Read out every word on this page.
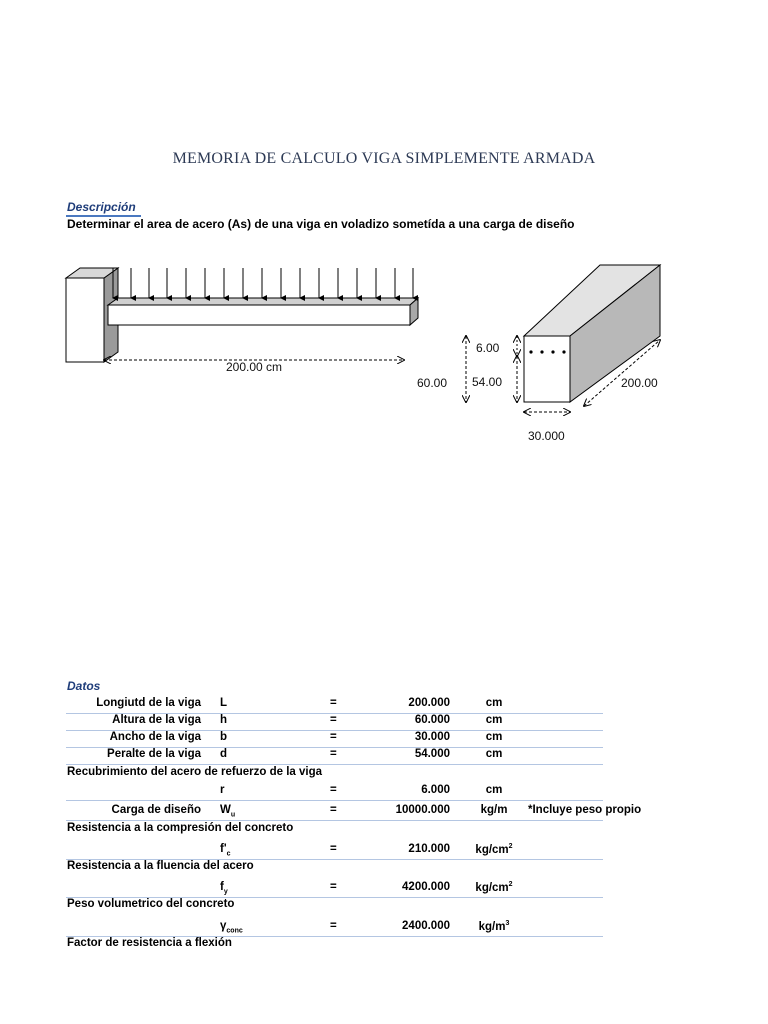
MEMORIA DE CALCULO VIGA SIMPLEMENTE ARMADA
Descripción
Determinar el area de acero (As) de una viga en voladizo sometída a una carga de diseño
200.00 cm
6.00
54.00
60.00	200.00
30.000
Datos
Longiutd de la viga L	=	200.000	cm
Altura de la viga h	=	60.000	cm
Ancho de la viga b	=	30.000	cm
Peralte de la viga d	=	54.000	cm
Recubrimiento del acero de refuerzo de la viga
r	=	6.000	cm
Carga de diseño $W_u$	=	10000.000	kg/m	*Incluye peso propio
Resistencia a la compresión del concreto
$f'_c$	=	210.000	$kg/cm^2$
Resistencia a la fluencia del acero
$f_y$	=	4200.000	$kg/cm^2$
Peso volumetrico del concreto
$\gamma_{conc}$	=	2400.000	$kg/m^3$
Factor de resistencia a flexión
